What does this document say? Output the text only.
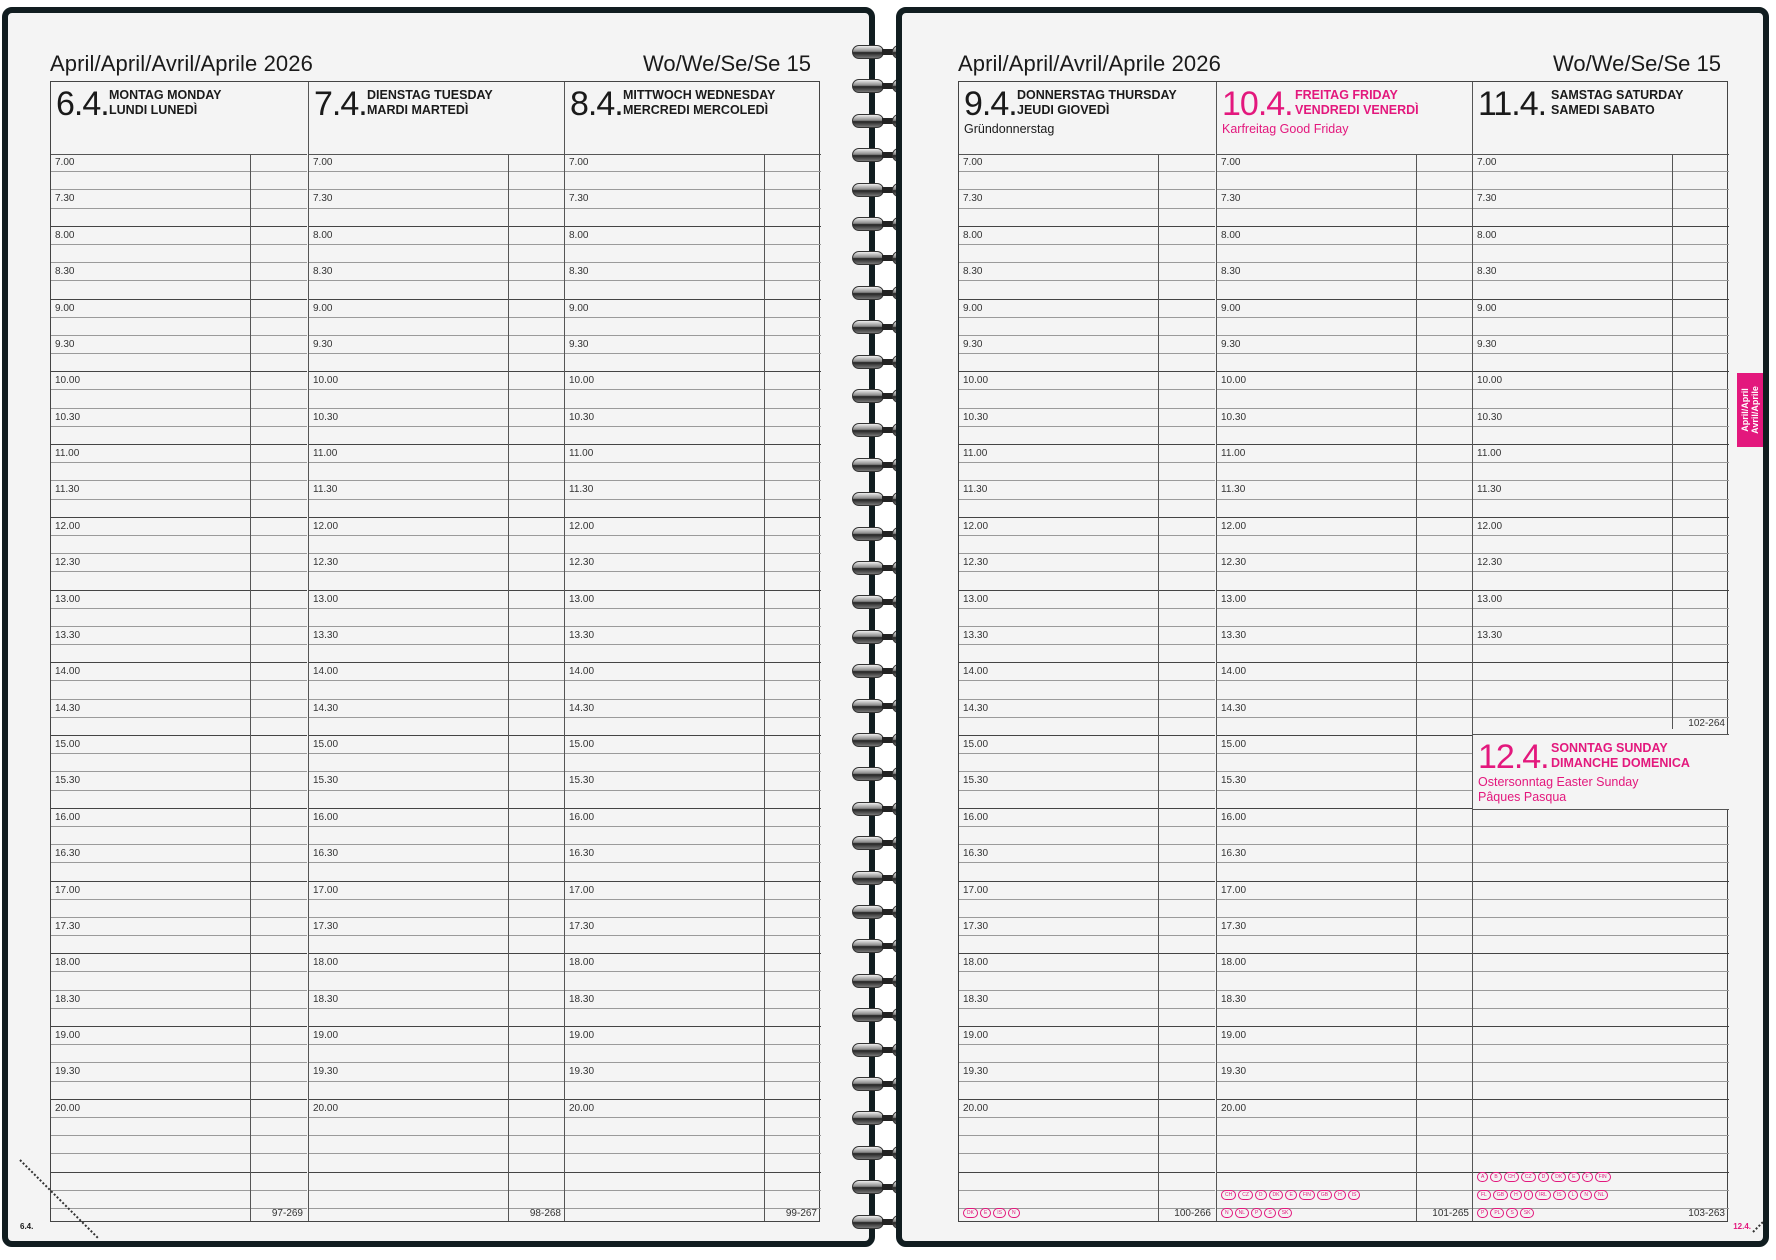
April/April/Avril/Aprile 2026	Wo/We/Se/Se 15
6.4. MONTAG MONDAY
LUNDI LUNEDÌ
7.00
7.30
8.00
8.30
9.00
9.30
10.00
10.30
11.00
11.30
12.00
12.30
13.00
13.30
14.00
14.30
15.00
15.30
16.00
16.30
17.00
17.30
18.00
18.30
19.00
19.30
20.00
97-269
7.4. DIENSTAG TUESDAY
MARDI MARTEDÌ
7.00
7.30
8.00
8.30
9.00
9.30
10.00
10.30
11.00
11.30
12.00
12.30
13.00
13.30
14.00
14.30
15.00
15.30
16.00
16.30
17.00
17.30
18.00
18.30
19.00
19.30
20.00
98-268
8.4. MITTWOCH WEDNESDAY
MERCREDI MERCOLEDÌ
7.00
7.30
8.00
8.30
9.00
9.30
10.00
10.30
11.00
11.30
12.00
12.30
13.00
13.30
14.00
14.30
15.00
15.30
16.00
16.30
17.00
17.30
18.00
18.30
19.00
19.30
20.00
99-267
6.4.
April/April/Avril/Aprile 2026	Wo/We/Se/Se 15
9.4. DONNERSTAG THURSDAY
JEUDI GIOVEDÌ
Gründonnerstag
7.00
7.30
8.00
8.30
9.00
9.30
10.00
10.30
11.00
11.30
12.00
12.30
13.00
13.30
14.00
14.30
15.00
15.30
16.00
16.30
17.00
17.30
18.00
18.30
19.00
19.30
20.00
100-266
DK	E	IS	N
10.4. FREITAG FRIDAY
VENDREDI VENERDÌ
Karfreitag Good Friday
7.00
7.30
8.00
8.30
9.00
9.30
10.00
10.30
11.00
11.30
12.00
12.30
13.00
13.30
14.00
14.30
15.00
15.30
16.00
16.30
17.00
17.30
18.00
18.30
19.00
19.30
20.00
101-265
CH	CZ	D	DK	E	FIN	GB	H	IS
N	NL	P	S	SK
11.4. SAMSTAG SATURDAY
SAMEDI SABATO
7.00
7.30
8.00
8.30
9.00
9.30
10.00
10.30
11.00
11.30
12.00
12.30
13.00
13.30
102-264
12.4. SONNTAG SUNDAY
DIMANCHE DOMENICA
Ostersonntag Easter Sunday
Pâques Pasqua
103-263
A	B	CH	CZ	D	DK	E	F	FIN
FL	GB	H	I	IRL	IS	L	N	NL
P	PL	S	SK
April/April
Avril/Aprile
12.4.
